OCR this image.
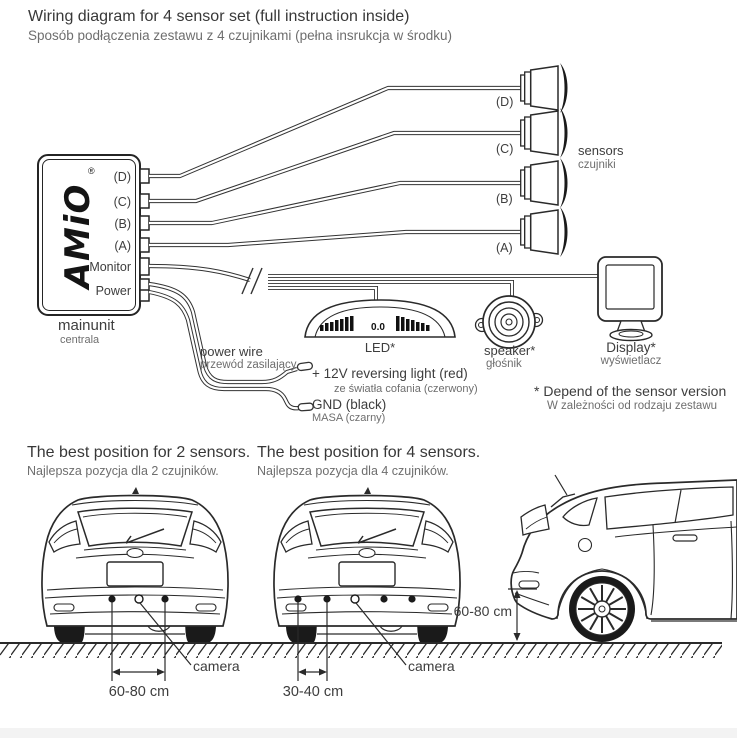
0.0
Wiring diagram for 4 sensor set (full instruction inside)
Sposób podłączenia zestawu z 4 czujnikami (pełna insrukcja w środku)
AMiO
® (D)
(C)
(B)
(A)
Monitor
Power
mainunit
centrala
(D)
(C)
(B)
(A)
sensors
czujniki
LED*	speaker*
głośnik
Display*
wyświetlacz
power wire
przewód zasilający
+ 12V reversing light (red)
ze światła cofania (czerwony)
GND (black)
MASA (czarny)
* Depend of the sensor version
W zależności od rodzaju zestawu
The best position for 2 sensors.
Najlepsza pozycja dla 2 czujników.
The best position for 4 sensors.
Najlepsza pozycja dla 4 czujników.
60-80 cm
camera
30-40 cm
camera
60-80 cm
